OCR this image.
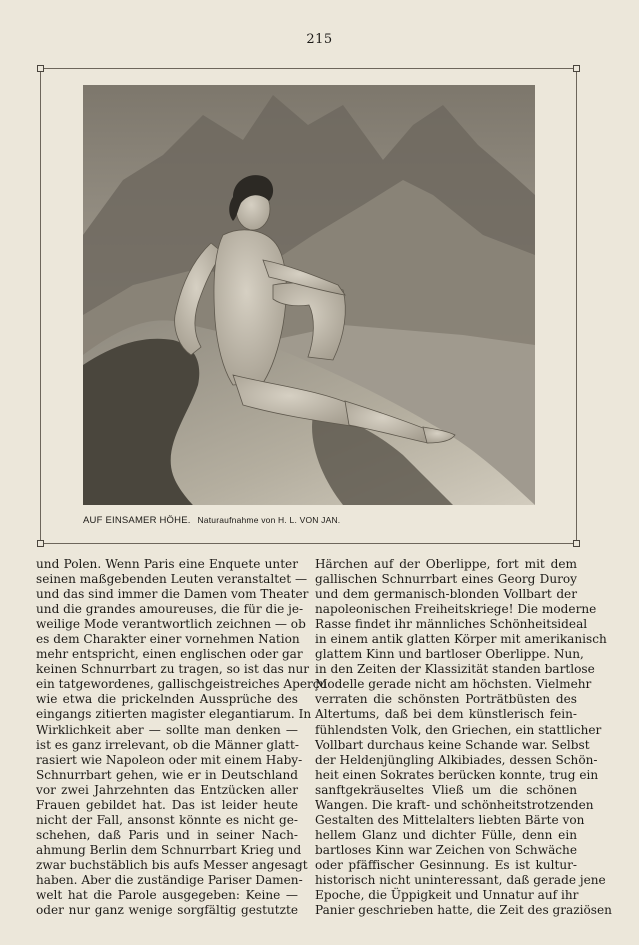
215
AUF EINSAMER HÖHE. Naturaufnahme von H. L. VON JAN.
und Polen. Wenn Paris eine Enquete unter
seinen maßgebenden Leuten veranstaltet —
und das sind immer die Damen vom Theater
und die grandes amoureuses, die für die je-
weilige Mode verantwortlich zeichnen — ob
es dem Charakter einer vornehmen Nation
mehr entspricht, einen englischen oder gar
keinen Schnurrbart zu tragen, so ist das nur
ein tatgewordenes, gallischgeistreiches Aperçu
wie etwa die prickelnden Aussprüche des
eingangs zitierten magister elegantiarum. In
Wirklichkeit aber — sollte man denken —
ist es ganz irrelevant, ob die Männer glatt-
rasiert wie Napoleon oder mit einem Haby-
Schnurrbart gehen, wie er in Deutschland
vor zwei Jahrzehnten das Entzücken aller
Frauen gebildet hat. Das ist leider heute
nicht der Fall, ansonst könnte es nicht ge-
schehen, daß Paris und in seiner Nach-
ahmung Berlin dem Schnurrbart Krieg und
zwar buchstäblich bis aufs Messer angesagt
haben. Aber die zuständige Pariser Damen-
welt hat die Parole ausgegeben: Keine —
oder nur ganz wenige sorgfältig gestutzte
Härchen auf der Oberlippe, fort mit dem
gallischen Schnurrbart eines Georg Duroy
und dem germanisch-blonden Vollbart der
napoleonischen Freiheitskriege! Die moderne
Rasse findet ihr männliches Schönheitsideal
in einem antik glatten Körper mit amerikanisch
glattem Kinn und bartloser Oberlippe. Nun,
in den Zeiten der Klassizität standen bartlose
Modelle gerade nicht am höchsten. Vielmehr
verraten die schönsten Porträtbüsten des
Altertums, daß bei dem künstlerisch fein-
fühlendsten Volk, den Griechen, ein stattlicher
Vollbart durchaus keine Schande war. Selbst
der Heldenjüngling Alkibiades, dessen Schön-
heit einen Sokrates berücken konnte, trug ein
sanftgekräuseltes Vließ um die schönen
Wangen. Die kraft- und schönheitstrotzenden
Gestalten des Mittelalters liebten Bärte von
hellem Glanz und dichter Fülle, denn ein
bartloses Kinn war Zeichen von Schwäche
oder pfäffischer Gesinnung. Es ist kultur-
historisch nicht uninteressant, daß gerade jene
Epoche, die Üppigkeit und Unnatur auf ihr
Panier geschrieben hatte, die Zeit des graziösen
